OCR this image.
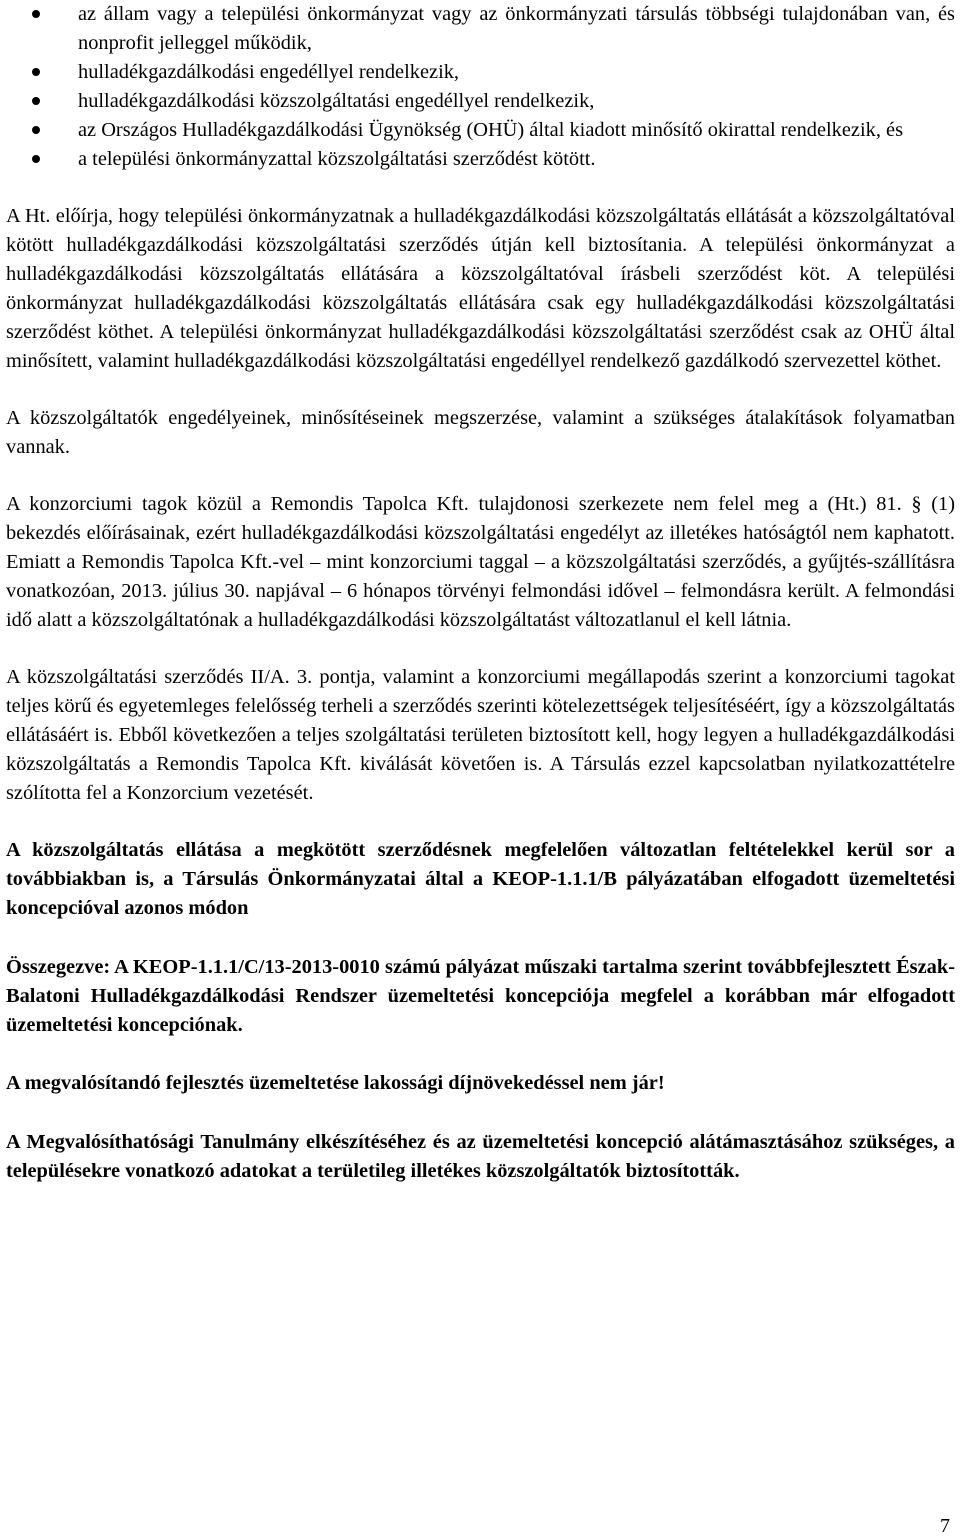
az állam vagy a települési önkormányzat vagy az önkormányzati társulás többségi tulajdonában van, és nonprofit jelleggel működik,
hulladékgazdálkodási engedéllyel rendelkezik,
hulladékgazdálkodási közszolgáltatási engedéllyel rendelkezik,
az Országos Hulladékgazdálkodási Ügynökség (OHÜ) által kiadott minősítő okirattal rendelkezik, és
a települési önkormányzattal közszolgáltatási szerződést kötött.

A Ht. előírja, hogy települési önkormányzatnak a hulladékgazdálkodási közszolgáltatás ellátását a közszolgáltatóval kötött hulladékgazdálkodási közszolgáltatási szerződés útján kell biztosítania. A települési önkormányzat a hulladékgazdálkodási közszolgáltatás ellátására a közszolgáltatóval írásbeli szerződést köt. A települési önkormányzat hulladékgazdálkodási közszolgáltatás ellátására csak egy hulladékgazdálkodási közszolgáltatási szerződést köthet. A települési önkormányzat hulladékgazdálkodási közszolgáltatási szerződést csak az OHÜ által minősített, valamint hulladékgazdálkodási közszolgáltatási engedéllyel rendelkező gazdálkodó szervezettel köthet.

A közszolgáltatók engedélyeinek, minősítéseinek megszerzése, valamint a szükséges átalakítások folyamatban vannak.

A konzorciumi tagok közül a Remondis Tapolca Kft. tulajdonosi szerkezete nem felel meg a (Ht.) 81. § (1) bekezdés előírásainak, ezért hulladékgazdálkodási közszolgáltatási engedélyt az illetékes hatóságtól nem kaphatott. Emiatt a Remondis Tapolca Kft.-vel – mint konzorciumi taggal – a közszolgáltatási szerződés, a gyűjtés-szállításra vonatkozóan, 2013. július 30. napjával – 6 hónapos törvényi felmondási idővel – felmondásra került. A felmondási idő alatt a közszolgáltatónak a hulladékgazdálkodási közszolgáltatást változatlanul el kell látnia.

A közszolgáltatási szerződés II/A. 3. pontja, valamint a konzorciumi megállapodás szerint a konzorciumi tagokat teljes körű és egyetemleges felelősség terheli a szerződés szerinti kötelezettségek teljesítéséért, így a közszolgáltatás ellátásáért is. Ebből következően a teljes szolgáltatási területen biztosított kell, hogy legyen a hulladékgazdálkodási közszolgáltatás a Remondis Tapolca Kft. kiválását követően is. A Társulás ezzel kapcsolatban nyilatkozattételre szólította fel a Konzorcium vezetését.

A közszolgáltatás ellátása a megkötött szerződésnek megfelelően változatlan feltételekkel kerül sor a továbbiakban is, a Társulás Önkormányzatai által a KEOP-1.1.1/B pályázatában elfogadott üzemeltetési koncepcióval azonos módon

Összegezve: A KEOP-1.1.1/C/13-2013-0010 számú pályázat műszaki tartalma szerint továbbfejlesztett Észak-Balatoni Hulladékgazdálkodási Rendszer üzemeltetési koncepciója megfelel a korábban már elfogadott üzemeltetési koncepciónak.

A megvalósítandó fejlesztés üzemeltetése lakossági díjnövekedéssel nem jár!

A Megvalósíthatósági Tanulmány elkészítéséhez és az üzemeltetési koncepció alátámasztásához szükséges, a településekre vonatkozó adatokat a területileg illetékes közszolgáltatók biztosították.

7
